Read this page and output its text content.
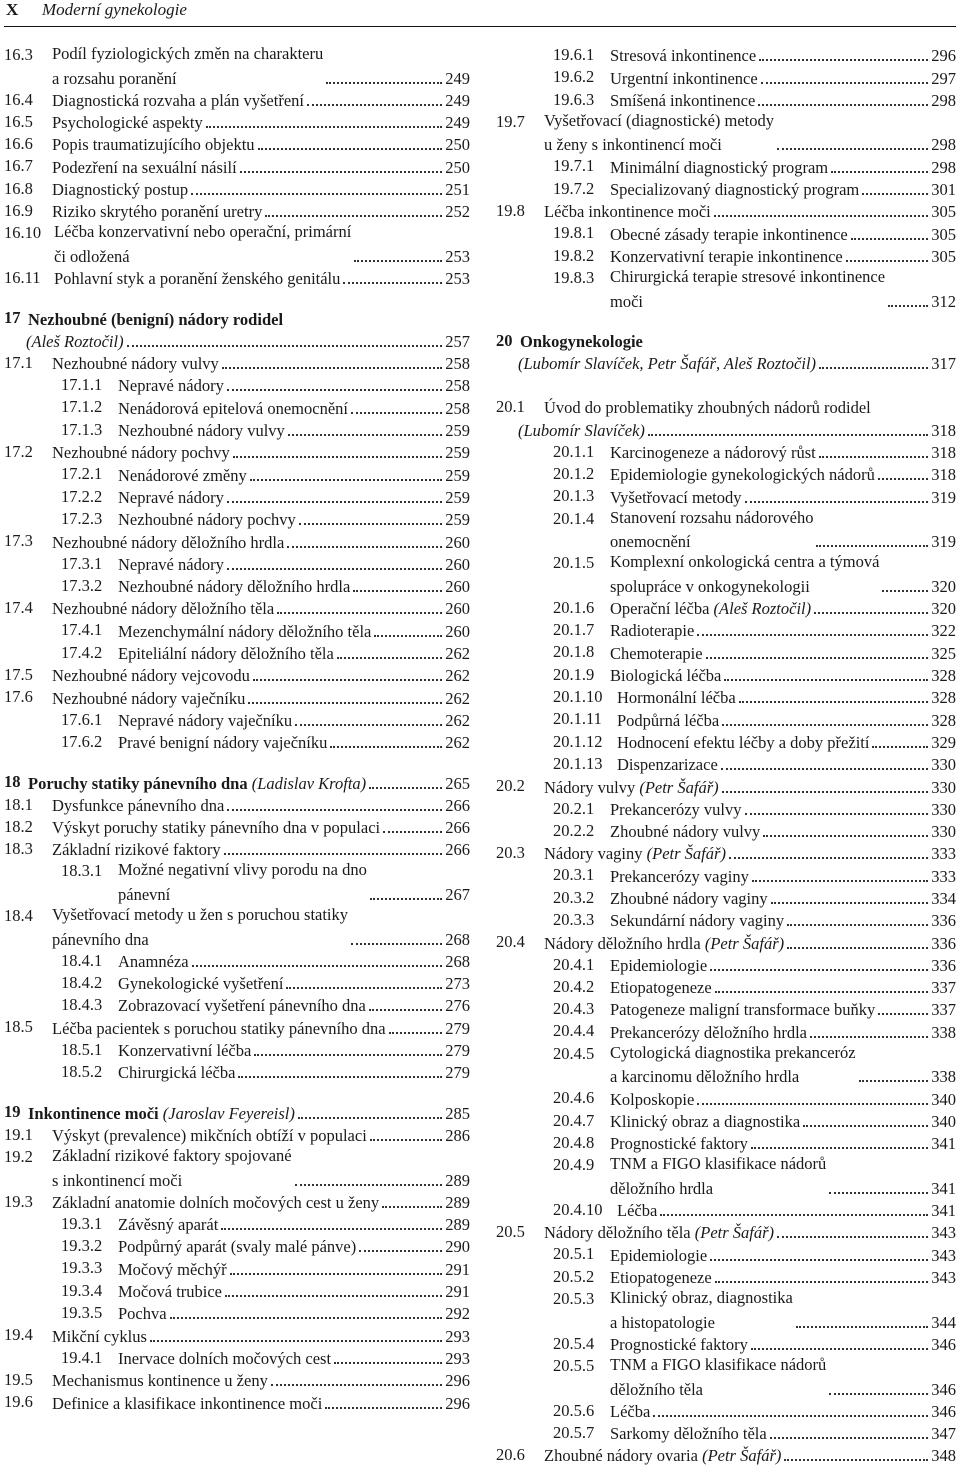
X Moderní gynekologie
16.3	Podíl fyziologických změn na charakteru
a rozsahu poranění	249
16.4	Diagnostická rozvaha a plán vyšetření	249
16.5	Psychologické aspekty	249
16.6	Popis traumatizujícího objektu	250
16.7	Podezření na sexuální násilí	250
16.8	Diagnostický postup	251
16.9	Riziko skrytého poranění uretry	252
16.10 Léčba konzervativní nebo operační, primární
či odložená	253
16.11 Pohlavní styk a poranění ženského genitálu	253
17 Nezhoubné (benigní) nádory rodidel
(Aleš Roztočil)	257
17.1	Nezhoubné nádory vulvy	258
17.1.1 Nepravé nádory	258
17.1.2 Nenádorová epitelová onemocnění	258
17.1.3 Nezhoubné nádory vulvy	259
17.2	Nezhoubné nádory pochvy	259
17.2.1 Nenádorové změny	259
17.2.2 Nepravé nádory	259
17.2.3 Nezhoubné nádory pochvy	259
17.3	Nezhoubné nádory děložního hrdla	260
17.3.1 Nepravé nádory	260
17.3.2 Nezhoubné nádory děložního hrdla	260
17.4	Nezhoubné nádory děložního těla	260
17.4.1 Mezenchymální nádory děložního těla	260
17.4.2 Epiteliální nádory děložního těla	262
17.5	Nezhoubné nádory vejcovodu	262
17.6	Nezhoubné nádory vaječníku	262
17.6.1 Nepravé nádory vaječníku	262
17.6.2 Pravé benigní nádory vaječníku	262
18 Poruchy statiky pánevního dna (Ladislav Krofta)	265
18.1	Dysfunkce pánevního dna	266
18.2	Výskyt poruchy statiky pánevního dna v populaci	266
18.3	Základní rizikové faktory	266
18.3.1 Možné negativní vlivy porodu na dno
pánevní	267
18.4	Vyšetřovací metody u žen s poruchou statiky
pánevního dna	268
18.4.1 Anamnéza	268
18.4.2 Gynekologické vyšetření	273
18.4.3 Zobrazovací vyšetření pánevního dna	276
18.5	Léčba pacientek s poruchou statiky pánevního dna	279
18.5.1 Konzervativní léčba	279
18.5.2 Chirurgická léčba	279
19 Inkontinence moči (Jaroslav Feyereisl)	285
19.1	Výskyt (prevalence) mikčních obtíží v populaci	286
19.2	Základní rizikové faktory spojované
s inkontinencí moči	289
19.3	Základní anatomie dolních močových cest u ženy	289
19.3.1 Závěsný aparát	289
19.3.2 Podpůrný aparát (svaly malé pánve)	290
19.3.3 Močový měchýř	291
19.3.4 Močová trubice	291
19.3.5 Pochva	292
19.4	Mikční cyklus	293
19.4.1 Inervace dolních močových cest	293
19.5	Mechanismus kontinence u ženy	296
19.6	Definice a klasifikace inkontinence moči	296
19.6.1 Stresová inkontinence	296
19.6.2 Urgentní inkontinence	297
19.6.3 Smíšená inkontinence	298
19.7	Vyšetřovací (diagnostické) metody
u ženy s inkontinencí moči	298
19.7.1 Minimální diagnostický program	298
19.7.2 Specializovaný diagnostický program	301
19.8	Léčba inkontinence moči	305
19.8.1 Obecné zásady terapie inkontinence	305
19.8.2 Konzervativní terapie inkontinence	305
19.8.3 Chirurgická terapie stresové inkontinence
moči	312
20 Onkogynekologie
(Lubomír Slavíček, Petr Šafář, Aleš Roztočil)	317
20.1	Úvod do problematiky zhoubných nádorů rodidel
(Lubomír Slavíček)	318
20.1.1 Karcinogeneze a nádorový růst	318
20.1.2 Epidemiologie gynekologických nádorů	318
20.1.3 Vyšetřovací metody	319
20.1.4 Stanovení rozsahu nádorového
onemocnění	319
20.1.5 Komplexní onkologická centra a týmová
spolupráce v onkogynekologii	320
20.1.6 Operační léčba (Aleš Roztočil)	320
20.1.7 Radioterapie	322
20.1.8 Chemoterapie	325
20.1.9 Biologická léčba	328
20.1.10 Hormonální léčba	328
20.1.11 Podpůrná léčba	328
20.1.12 Hodnocení efektu léčby a doby přežití	329
20.1.13 Dispenzarizace	330
20.2	Nádory vulvy (Petr Šafář)	330
20.2.1 Prekancerózy vulvy	330
20.2.2 Zhoubné nádory vulvy	330
20.3	Nádory vaginy (Petr Šafář)	333
20.3.1 Prekancerózy vaginy	333
20.3.2 Zhoubné nádory vaginy	334
20.3.3 Sekundární nádory vaginy	336
20.4	Nádory děložního hrdla (Petr Šafář)	336
20.4.1 Epidemiologie	336
20.4.2 Etiopatogeneze	337
20.4.3 Patogeneze maligní transformace buňky	337
20.4.4 Prekancerózy děložního hrdla	338
20.4.5 Cytologická diagnostika prekanceróz
a karcinomu děložního hrdla	338
20.4.6 Kolposkopie	340
20.4.7 Klinický obraz a diagnostika	340
20.4.8 Prognostické faktory	341
20.4.9 TNM a FIGO klasifikace nádorů
děložního hrdla	341
20.4.10 Léčba	341
20.5	Nádory děložního těla (Petr Šafář)	343
20.5.1 Epidemiologie	343
20.5.2 Etiopatogeneze	343
20.5.3 Klinický obraz, diagnostika
a histopatologie	344
20.5.4 Prognostické faktory	346
20.5.5 TNM a FIGO klasifikace nádorů
děložního těla	346
20.5.6 Léčba	346
20.5.7 Sarkomy děložního těla	347
20.6	Zhoubné nádory ovaria (Petr Šafář)	348
